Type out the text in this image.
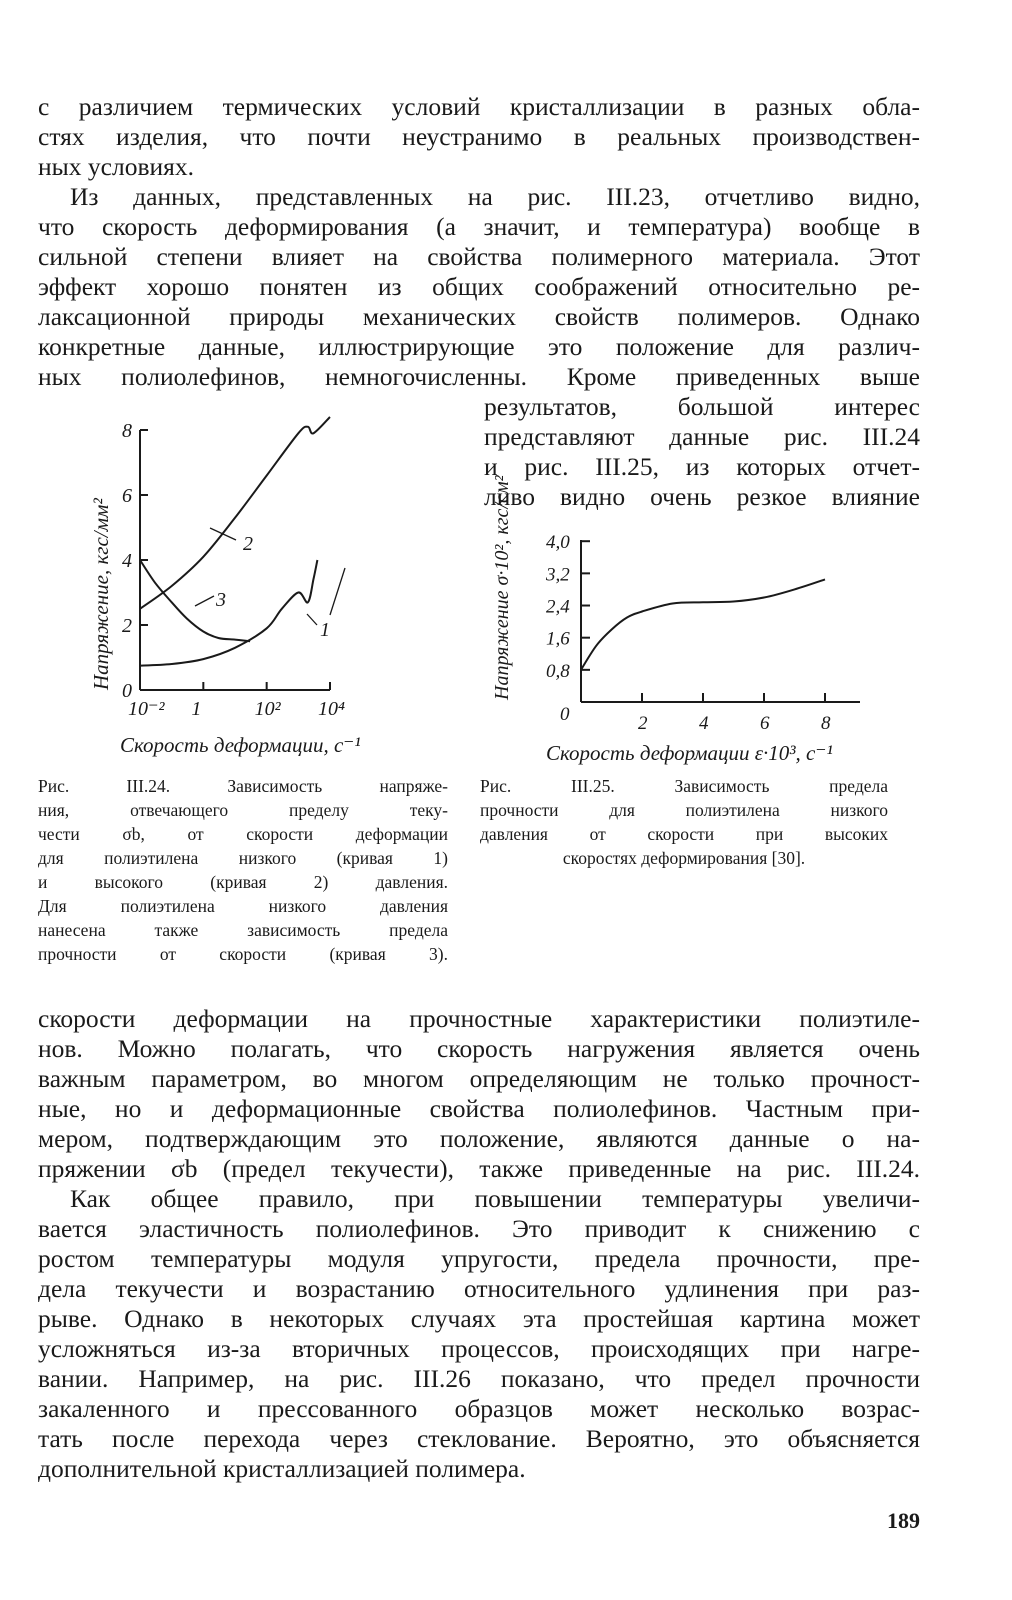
с различием термических условий кристаллизации в разных обла-
стях изделия, что почти неустранимо в реальных производствен-
ных условиях.
Из данных, представленных на рис. III.23, отчетливо видно,
что скорость деформирования (а значит, и температура) вообще в
сильной степени влияет на свойства полимерного материала. Этот
эффект хорошо понятен из общих соображений относительно ре-
лаксационной природы механических свойств полимеров. Однако
конкретные данные, иллюстрирующие это положение для различ-
ных полиолефинов, немногочисленны. Кроме приведенных выше
результатов, большой интерес
представляют данные рис. III.24
и рис. III.25, из которых отчет-
ливо видно очень резкое влияние
0
2
4
6
8
10⁻² 1	10² 10⁴
2
3
1
Напряжение, кгс/мм²
Скорость деформации, с⁻¹
0,8
1,6
2,4
3,2
4,0
2	4	6	8
0
Напряжение σ·10², кгс/см²
Скорость деформации ε·10³, с⁻¹
Рис. III.24. Зависимость напряже-
ния, отвечающего пределу теку-
чести σb, от скорости деформации
для полиэтилена низкого (кривая 1)
и высокого (кривая 2) давления.
Для полиэтилена низкого давления
нанесена также зависимость предела
прочности от скорости (кривая 3).
Рис. III.25. Зависимость предела
прочности для полиэтилена низкого
давления от скорости при высоких
скоростях деформирования [30].
скорости деформации на прочностные характеристики полиэтиле-
нов. Можно полагать, что скорость нагружения является очень
важным параметром, во многом определяющим не только прочност-
ные, но и деформационные свойства полиолефинов. Частным при-
мером, подтверждающим это положение, являются данные о на-
пряжении σb (предел текучести), также приведенные на рис. III.24.
Как общее правило, при повышении температуры увеличи-
вается эластичность полиолефинов. Это приводит к снижению с
ростом температуры модуля упругости, предела прочности, пре-
дела текучести и возрастанию относительного удлинения при раз-
рыве. Однако в некоторых случаях эта простейшая картина может
усложняться из-за вторичных процессов, происходящих при нагре-
вании. Например, на рис. III.26 показано, что предел прочности
закаленного и прессованного образцов может несколько возрас-
тать после перехода через стеклование. Вероятно, это объясняется
дополнительной кристаллизацией полимера.
189
